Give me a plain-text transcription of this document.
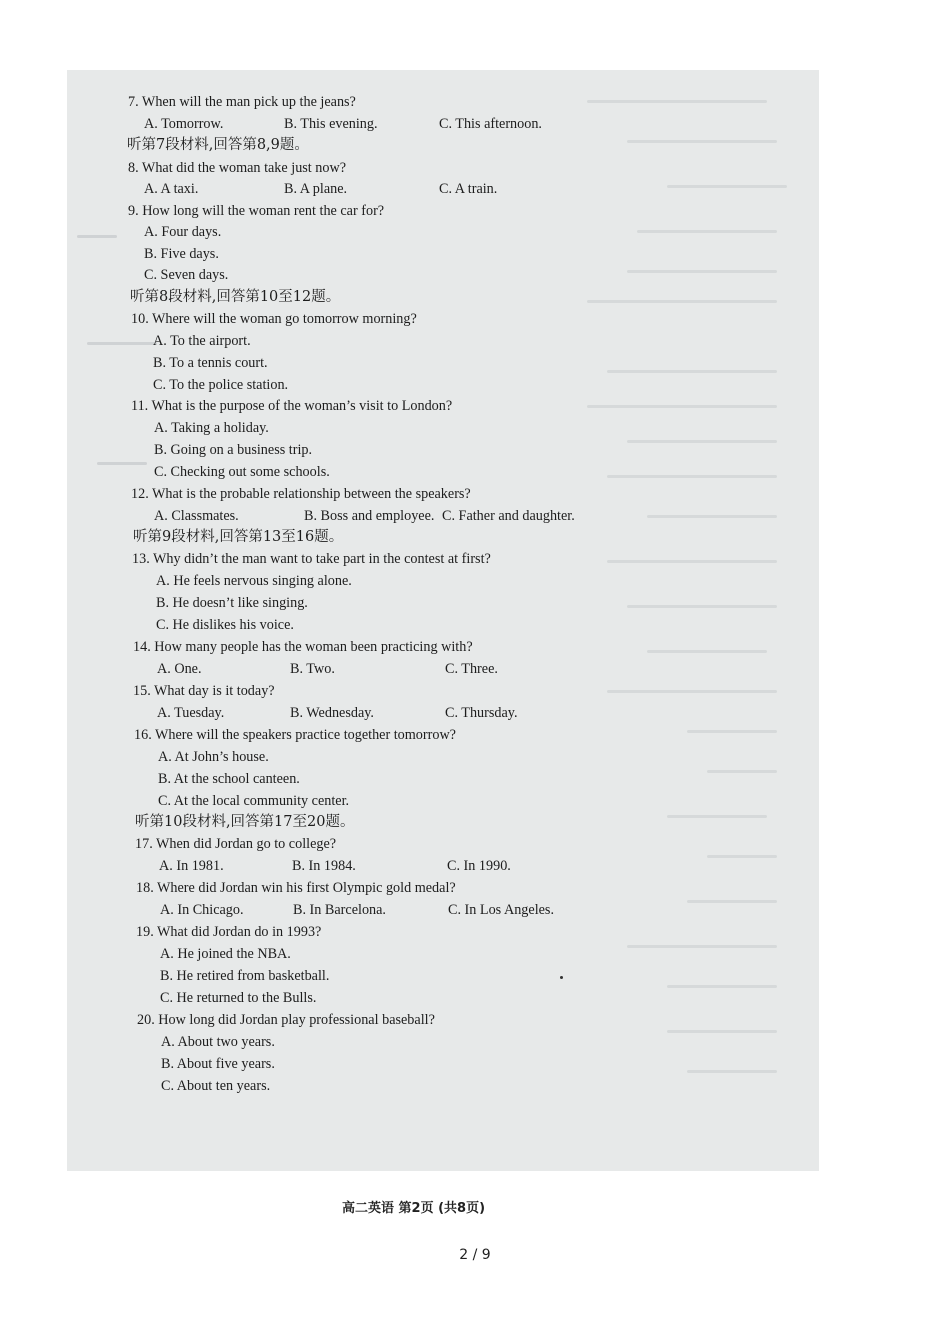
7. When will the man pick up the jeans?
A. Tomorrow.	B. This evening.	C. This afternoon.
听第7段材料,回答第8,9题。
8. What did the woman take just now?
A. A taxi.	B. A plane.	C. A train.
9. How long will the woman rent the car for?
A. Four days.
B. Five days.
C. Seven days.
听第8段材料,回答第10至12题。
10. Where will the woman go tomorrow morning?
A. To the airport.
B. To a tennis court.
C. To the police station.
11. What is the purpose of the woman’s visit to London?
A. Taking a holiday.
B. Going on a business trip.
C. Checking out some schools.
12. What is the probable relationship between the speakers?
A. Classmates.	B. Boss and employee. C. Father and daughter.
听第9段材料,回答第13至16题。
13. Why didn’t the man want to take part in the contest at first?
A. He feels nervous singing alone.
B. He doesn’t like singing.
C. He dislikes his voice.
14. How many people has the woman been practicing with?
A. One.	B. Two.	C. Three.
15. What day is it today?
A. Tuesday.	B. Wednesday.	C. Thursday.
16. Where will the speakers practice together tomorrow?
A. At John’s house.
B. At the school canteen.
C. At the local community center.
听第10段材料,回答第17至20题。
17. When did Jordan go to college?
A. In 1981.	B. In 1984.	C. In 1990.
18. Where did Jordan win his first Olympic gold medal?
A. In Chicago.	B. In Barcelona.	C. In Los Angeles.
19. What did Jordan do in 1993?
A. He joined the NBA.
B. He retired from basketball.
C. He returned to the Bulls.
20. How long did Jordan play professional baseball?
A. About two years.
B. About five years.
C. About ten years.
高二英语 第2页 (共8页)
2 / 9
